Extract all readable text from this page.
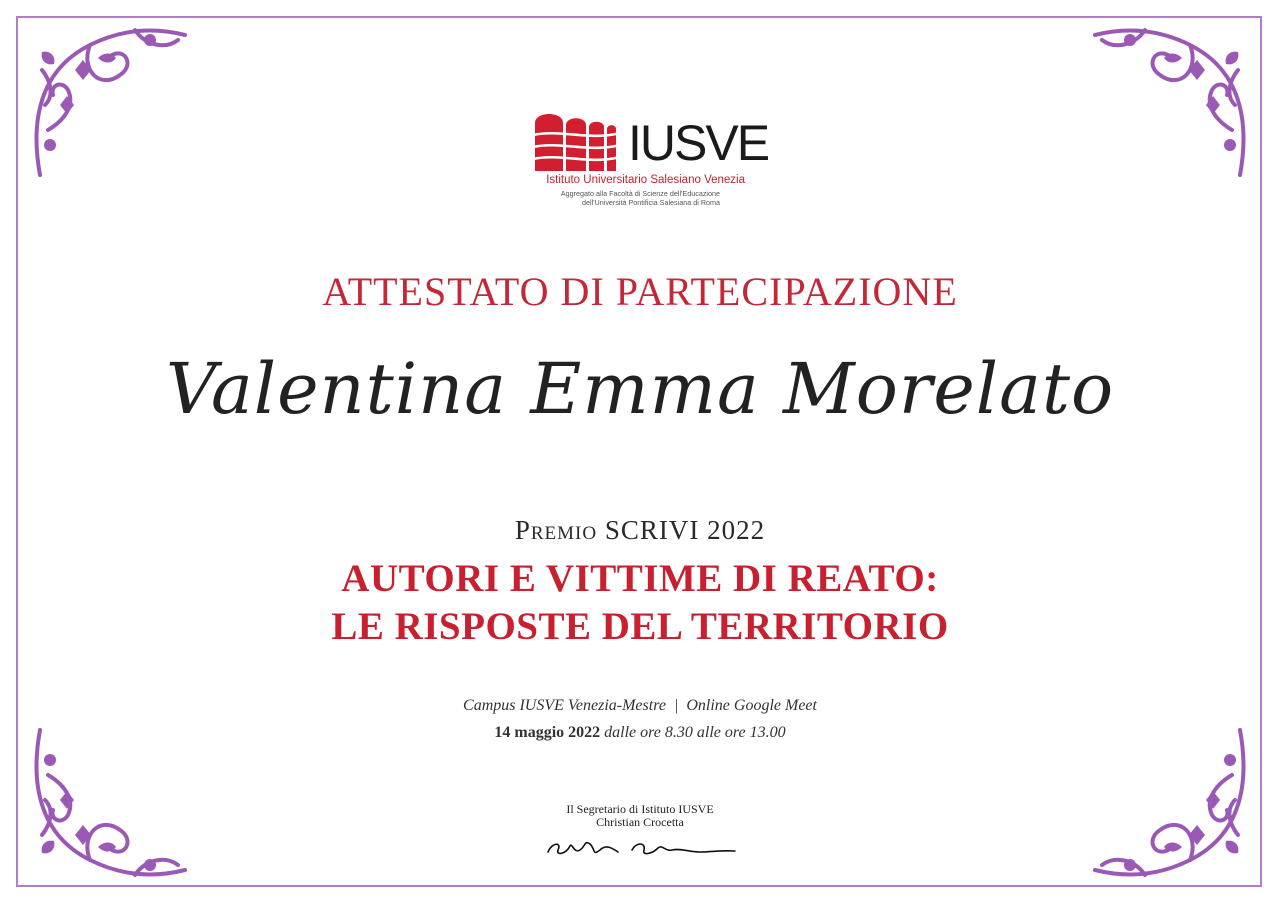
IUSVE
Istituto Universitario Salesiano Venezia
Aggregato alla Facoltà di Scienze dell'Educazione
dell'Università Pontificia Salesiana di Roma
ATTESTATO DI PARTECIPAZIONE
Valentina Emma Morelato
Premio SCRIVI 2022
AUTORI E VITTIME DI REATO:
LE RISPOSTE DEL TERRITORIO
Campus IUSVE Venezia-Mestre  |  Online Google Meet
14 maggio 2022 dalle ore 8.30 alle ore 13.00
Il Segretario di Istituto IUSVE
Christian Crocetta
